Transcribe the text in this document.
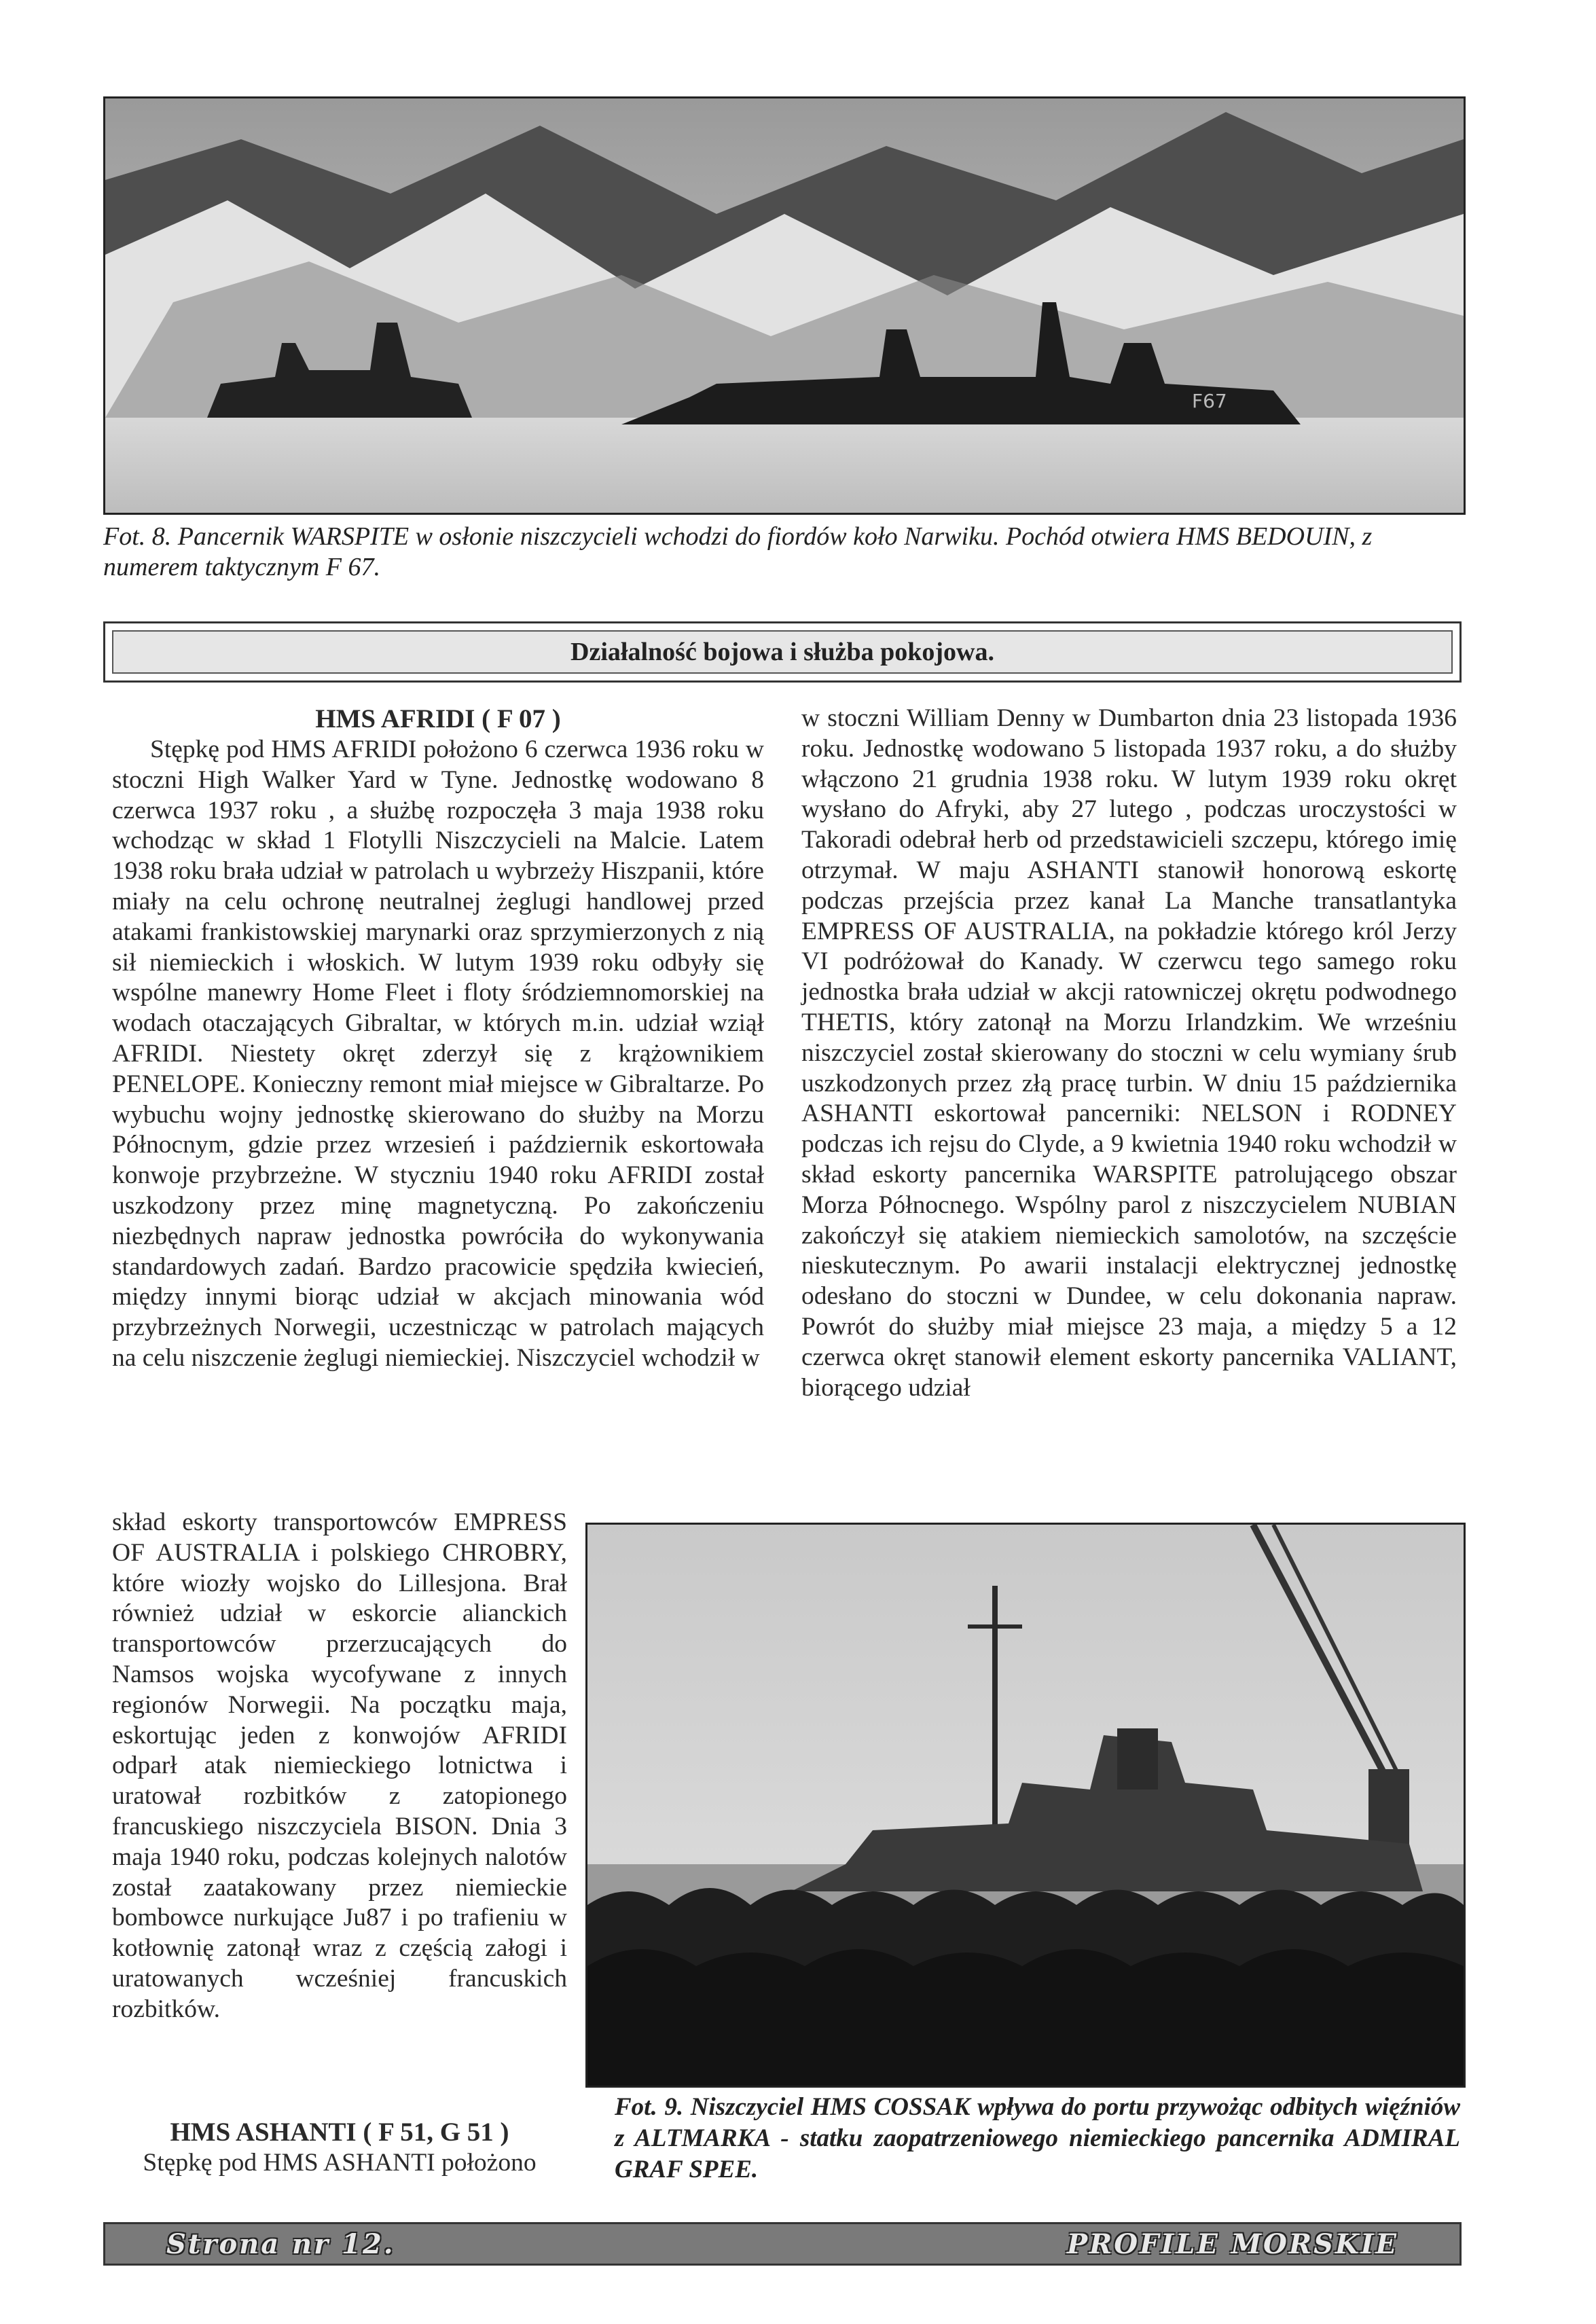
F67
Fot. 8. Pancernik WARSPITE w osłonie niszczycieli wchodzi do fiordów koło Narwiku. Pochód otwiera HMS BEDOUIN, z numerem taktycznym F 67.
Działalność bojowa i służba pokojowa.

HMS AFRIDI ( F 07 )

Stępkę pod HMS AFRIDI położono 6 czerwca 1936 roku w stoczni High Walker Yard w Tyne. Jednostkę wodowano 8 czerwca 1937 roku , a służbę rozpoczęła 3 maja 1938 roku wchodząc w skład 1 Flotylli Niszczycieli na Malcie. Latem 1938 roku brała udział w patrolach u wybrzeży Hiszpanii, które miały na celu ochronę neutralnej żeglugi handlowej przed atakami frankistowskiej marynarki oraz sprzymierzonych z nią sił niemieckich i włoskich. W lutym 1939 roku odbyły się wspólne manewry Home Fleet i floty śródziemnomorskiej na wodach otaczających Gibraltar, w których m.in. udział wziął AFRIDI. Niestety okręt zderzył się z krążownikiem PENELOPE. Konieczny remont miał miejsce w Gibraltarze. Po wybuchu wojny jednostkę skierowano do służby na Morzu Północnym, gdzie przez wrzesień i październik eskortowała konwoje przybrzeżne. W styczniu 1940 roku AFRIDI został uszkodzony przez minę magnetyczną. Po zakończeniu niezbędnych napraw jednostka powróciła do wykonywania standardowych zadań. Bardzo pracowicie spędziła kwiecień, między innymi biorąc udział w akcjach minowania wód przybrzeżnych Norwegii, uczestnicząc w patrolach mających na celu niszczenie żeglugi niemieckiej. Niszczyciel wchodził w

skład eskorty transportowców EMPRESS OF AUSTRALIA i polskiego CHROBRY, które wiozły wojsko do Lillesjona. Brał również udział w eskorcie alianckich transportowców przerzucających do Namsos wojska wycofywane z innych regionów Norwegii. Na początku maja, eskortując jeden z konwojów AFRIDI odparł atak niemieckiego lotnictwa i uratował rozbitków z zatopionego francuskiego niszczyciela BISON. Dnia 3 maja 1940 roku, podczas kolejnych nalotów został zaatakowany przez niemieckie bombowce nurkujące Ju87 i po trafieniu w kotłownię zatonął wraz z częścią załogi i uratowanych wcześniej francuskich rozbitków.

HMS ASHANTI ( F 51, G 51 )

Stępkę pod HMS ASHANTI położono

w stoczni William Denny w Dumbarton dnia 23 listopada 1936 roku. Jednostkę wodowano 5 listopada 1937 roku, a do służby włączono 21 grudnia 1938 roku. W lutym 1939 roku okręt wysłano do Afryki, aby 27 lutego , podczas uroczystości w Takoradi odebrał herb od przedstawicieli szczepu, którego imię otrzymał. W maju ASHANTI stanowił honorową eskortę podczas przejścia przez kanał La Manche transatlantyka EMPRESS OF AUSTRALIA, na pokładzie którego król Jerzy VI podróżował do Kanady. W czerwcu tego samego roku jednostka brała udział w akcji ratowniczej okrętu podwodnego THETIS, który zatonął na Morzu Irlandzkim. We wrześniu niszczyciel został skierowany do stoczni w celu wymiany śrub uszkodzonych przez złą pracę turbin. W dniu 15 października ASHANTI eskortował pancerniki: NELSON i RODNEY podczas ich rejsu do Clyde, a 9 kwietnia 1940 roku wchodził w skład eskorty pancernika WARSPITE patrolującego obszar Morza Północnego. Wspólny parol z niszczycielem NUBIAN zakończył się atakiem niemieckich samolotów, na szczęście nieskutecznym. Po awarii instalacji elektrycznej jednostkę odesłano do stoczni w Dundee, w celu dokonania napraw. Powrót do służby miał miejsce 23 maja, a między 5 a 12 czerwca okręt stanowił element eskorty pancernika VALIANT, biorącego udział

Fot. 9. Niszczyciel HMS COSSAK wpływa do portu przywożąc odbitych więźniów z ALTMARKA - statku zaopatrzeniowego niemieckiego pancernika ADMIRAL GRAF SPEE.
Strona nr 12.	PROFILE MORSKIE
